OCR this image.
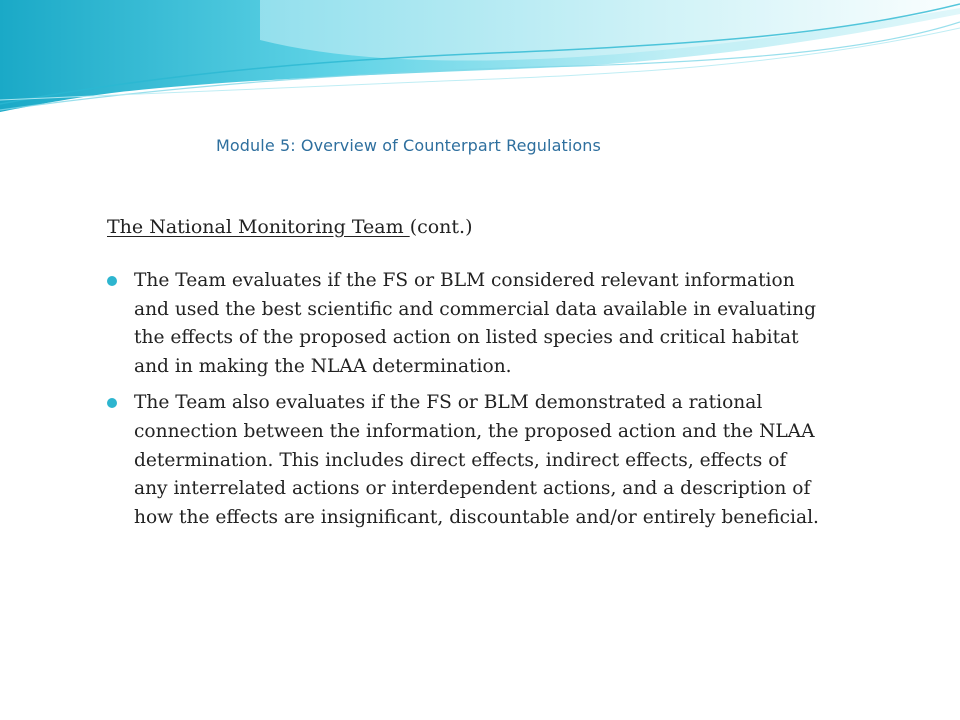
Module 5: Overview of Counterpart Regulations

The National Monitoring Team (cont.)

The Team evaluates if the FS or BLM considered relevant information
and used the best scientific and commercial data available in evaluating
the effects of the proposed action on listed species and critical habitat
and in making the NLAA determination.
The Team also evaluates if the FS or BLM demonstrated a rational
connection between the information, the proposed action and the NLAA
determination. This includes direct effects, indirect effects, effects of
any interrelated actions or interdependent actions, and a description of
how the effects are insignificant, discountable and/or entirely beneficial.
